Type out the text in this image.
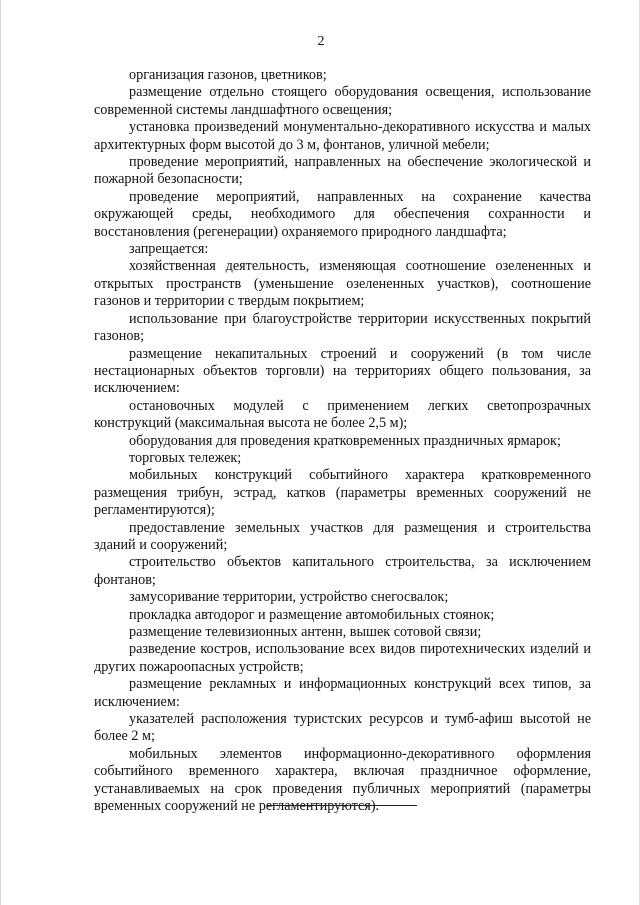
2

организация газонов, цветников;

размещение отдельно стоящего оборудования освещения, использование современной системы ландшафтного освещения;

установка произведений монументально-декоративного искусства и малых архитектурных форм высотой до 3 м, фонтанов, уличной мебели;

проведение мероприятий, направленных на обеспечение экологической и пожарной безопасности;

проведение мероприятий, направленных на сохранение качества окружающей среды, необходимого для обеспечения сохранности и восстановления (регенерации) охраняемого природного ландшафта;

запрещается:

хозяйственная деятельность, изменяющая соотношение озелененных и открытых пространств (уменьшение озелененных участков), соотношение газонов и территории с твердым покрытием;

использование при благоустройстве территории искусственных покрытий газонов;

размещение некапитальных строений и сооружений (в том числе нестационарных объектов торговли) на территориях общего пользования, за исключением:

остановочных модулей с применением легких светопрозрачных конструкций (максимальная высота не более 2,5 м);

оборудования для проведения кратковременных праздничных ярмарок;

торговых тележек;

мобильных конструкций событийного характера кратковременного размещения трибун, эстрад, катков (параметры временных сооружений не регламентируются);

предоставление земельных участков для размещения и строительства зданий и сооружений;

строительство объектов капитального строительства, за исключением фонтанов;

замусоривание территории, устройство снегосвалок;

прокладка автодорог и размещение автомобильных стоянок;

размещение телевизионных антенн, вышек сотовой связи;

разведение костров, использование всех видов пиротехнических изделий и других пожароопасных устройств;

размещение рекламных и информационных конструкций всех типов, за исключением:

указателей расположения туристских ресурсов и тумб-афиш высотой не более 2 м;

мобильных элементов информационно-декоративного оформления событийного временного характера, включая праздничное оформление, устанавливаемых на срок проведения публичных мероприятий (параметры временных сооружений не регламентируются).
